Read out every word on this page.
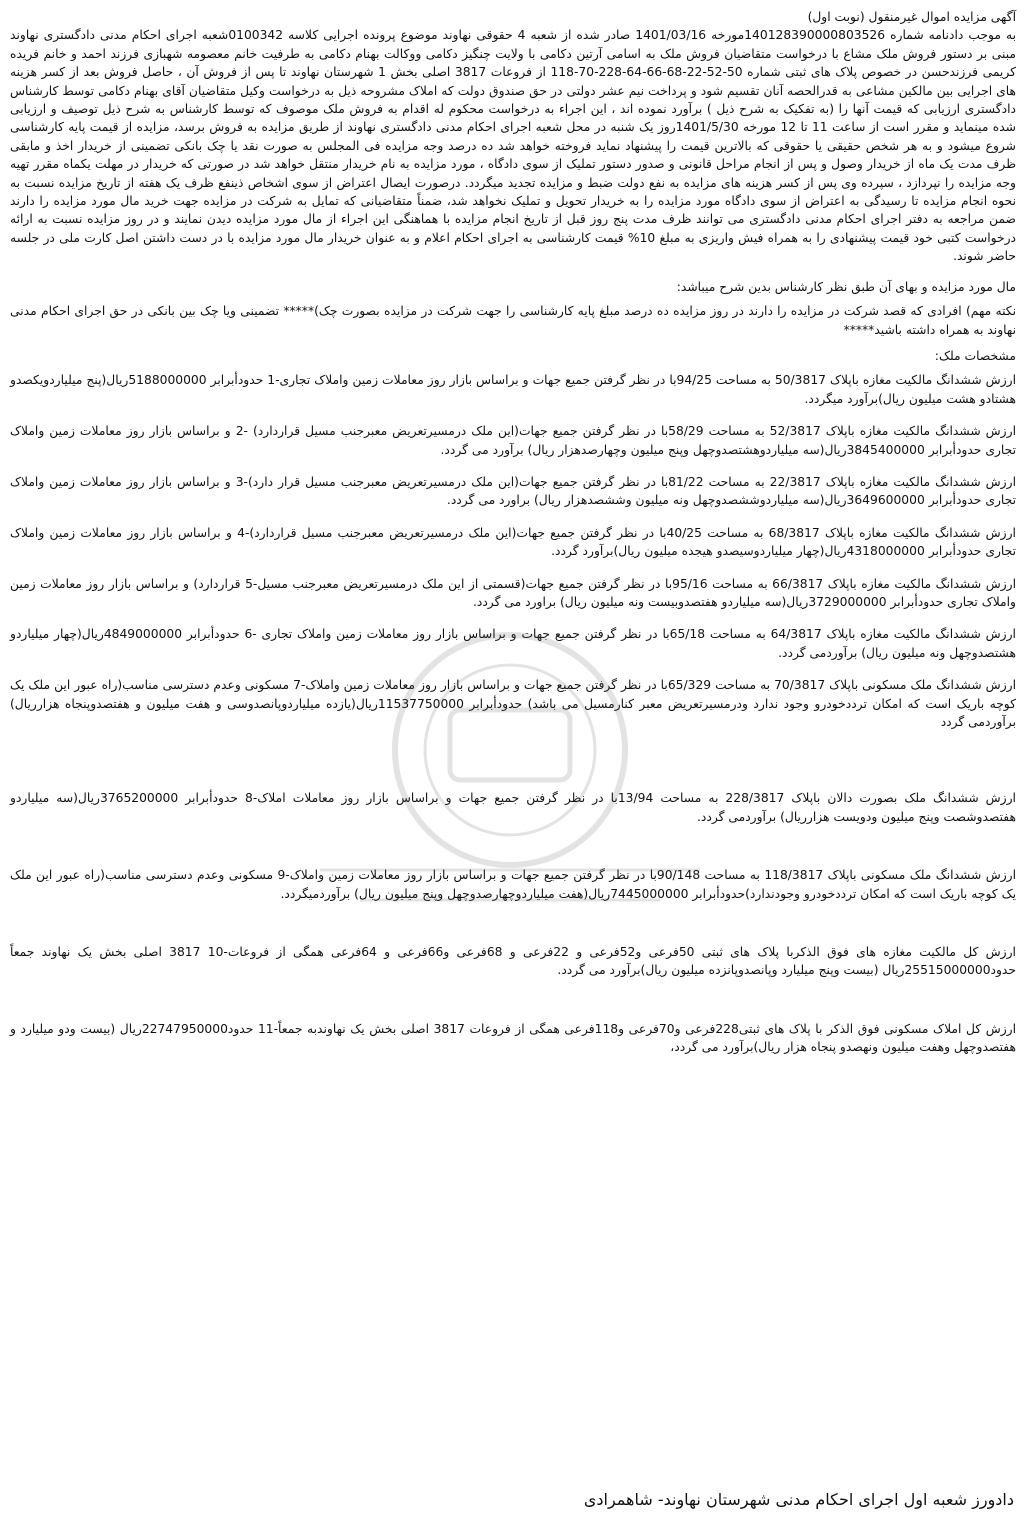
آگهی مزایده اموال غیرمنقول (نوبت اول)

به موجب دادنامه شماره 140128390000803526مورخه 1401/03/16 صادر شده از شعبه 4 حقوقی نهاوند موضوع پرونده اجرایی کلاسه 0100342شعبه اجرای احکام مدنی دادگستری نهاوند مبنی بر دستور فروش ملک مشاع با درخواست متقاضیان فروش ملک به اسامی آرتین دکامی با ولایت چنگیز دکامی ووکالت بهنام دکامی به طرفیت خانم معصومه شهبازی فرزند احمد و خانم فریده کریمی فرزندحسن در خصوص پلاک های ثبتی شماره 50-52-22-68-66-64-228-70-118 از فروعات 3817 اصلی بخش 1 شهرستان نهاوند تا پس از فروش آن ، حاصل فروش بعد از کسر هزینه های اجرایی بین مالکین مشاعی به قدرالحصه آنان تقسیم شود و پرداخت نیم عشر دولتی در حق صندوق دولت که املاک مشروحه ذیل به درخواست وکیل متقاضیان آقای بهنام دکامی توسط کارشناس دادگستری ارزیابی که قیمت آنها را (به تفکیک به شرح ذیل ) برآورد نموده اند ، این اجراء به درخواست محکوم له اقدام به فروش ملک موصوف که توسط کارشناس به شرح ذیل توصیف و ارزیابی شده مینماید و مقرر است از ساعت 11 تا 12 مورخه 1401/5/30روز یک شنبه در محل شعبه اجرای احکام مدنی دادگستری نهاوند از طریق مزایده به فروش برسد، مزایده از قیمت پایه کارشناسی شروع میشود و به هر شخص حقیقی یا حقوقی که بالاترین قیمت را پیشنهاد نماید فروخته خواهد شد ده درصد وجه مزایده فی المجلس به صورت نقد یا چک بانکی تضمینی از خریدار اخذ و مابقی ظرف مدت یک ماه از خریدار وصول و پس از انجام مراحل قانونی و صدور دستور تملیک از سوی دادگاه ، مورد مزایده به نام خریدار منتقل خواهد شد در صورتی که خریدار در مهلت یکماه مقرر تهیه وجه مزایده را نپردازد ، سپرده وی پس از کسر هزینه های مزایده به نفع دولت ضبط و مزایده تجدید میگردد. درصورت ایصال اعتراض از سوی اشخاص ذینفع ظرف یک هفته از تاریخ مزایده نسبت به نحوه انجام مزایده تا رسیدگی به اعتراض از سوی دادگاه مورد مزایده را به خریدار تحویل و تملیک نخواهد شد، ضمناً متقاضیانی که تمایل به شرکت در مزایده جهت خرید مال مورد مزایده را دارند ضمن مراجعه به دفتر اجرای احکام مدنی دادگستری می توانند ظرف مدت پنج روز قبل از تاریخ انجام مزایده با هماهنگی این اجراء از مال مورد مزایده دیدن نمایند و در روز مزایده نسبت به ارائه درخواست کتبی خود قیمت پیشنهادی را به همراه فیش واریزی به مبلغ 10% قیمت کارشناسی به اجرای احکام اعلام و به عنوان خریدار مال مورد مزایده با در دست داشتن اصل کارت ملی در جلسه حاضر شوند.

مال مورد مزایده و بهای آن طبق نظر کارشناس بدین شرح میباشد:

نکته مهم) افرادی که قصد شرکت در مزایده را دارند در روز مزایده ده درصد مبلغ پایه کارشناسی را جهت شرکت در مزایده بصورت چک)***** تضمینی ویا چک بین بانکی در حق اجرای احکام مدنی نهاوند به همراه داشته باشید*****

مشخصات ملک:

ارزش ششدانگ مالکیت مغازه باپلاک 50/3817 به مساحت 94/25با در نظر گرفتن جمیع جهات و براساس بازار روز معاملات زمین واملاک تجاری-1 حدودأبرابر 5188000000ریال(پنج میلیاردویکصدو هشتادو هشت میلیون ریال)برآورد میگردد.

ارزش ششدانگ مالکیت مغازه باپلاک 52/3817 به مساحت 58/29با در نظر گرفتن جمیع جهات(این ملک درمسیرتعریض معبرجنب مسیل قراردارد) -2 و براساس بازار روز معاملات زمین واملاک تجاری حدودأبرابر 3845400000ریال(سه میلیاردوهشتصدوچهل وپنج میلیون وچهارصدهزار ریال) برآورد می گردد.

ارزش ششدانگ مالکیت مغازه باپلاک 22/3817 به مساحت 81/22با در نظر گرفتن جمیع جهات(این ملک درمسیرتعریض معبرجنب مسیل قرار دارد)-3 و براساس بازار روز معاملات زمین واملاک تجاری حدودأبرابر 3649600000ریال(سه میلیاردوششصدوچهل ونه میلیون وششصدهزار ریال) براورد می گردد.

ارزش ششدانگ مالکیت مغازه باپلاک 68/3817 به مساحت 40/25با در نظر گرفتن جمیع جهات(این ملک درمسیرتعریض معبرجنب مسیل قراردارد)-4 و براساس بازار روز معاملات زمین واملاک تجاری حدودأبرابر 4318000000ریال(چهار میلیاردوسیصدو هیجده میلیون ریال)برآورد گردد.

ارزش ششدانگ مالکیت مغازه باپلاک 66/3817 به مساحت 95/16با در نظر گرفتن جمیع جهات(قسمتی از این ملک درمسیرتعریض معبرجنب مسیل-5 قراردارد) و براساس بازار روز معاملات زمین واملاک تجاری حدودأبرابر 3729000000ریال(سه میلیاردو هفتصدوبیست ونه میلیون ریال) براورد می گردد.

ارزش ششدانگ مالکیت مغازه باپلاک 64/3817 به مساحت 65/18با در نظر گرفتن جمیع جهات و براساس بازار روز معاملات زمین واملاک تجاری -6 حدودأبرابر 4849000000ریال(چهار میلیاردو هشتصدوچهل ونه میلیون ریال) برآوردمی گردد.

ارزش ششدانگ ملک مسکونی باپلاک 70/3817 به مساحت 65/329با در نظر گرفتن جمیع جهات و براساس بازار روز معاملات زمین واملاک-7 مسکونی وعدم دسترسی مناسب(راه عبور این ملک یک کوچه باریک است که امکان ترددخودرو وجود ندارد ودرمسیرتعریض معبر کنارمسیل می باشد) حدودأبرابر 11537750000ریال(یازده میلیاردوپانصدوسی و هفت میلیون و هفتصدوپنجاه هزارریال) برآوردمی گردد

ارزش ششدانگ ملک بصورت دالان باپلاک 228/3817 به مساحت 13/94با در نظر گرفتن جمیع جهات و براساس بازار روز معاملات املاک-8 حدودأبرابر 3765200000ریال(سه میلیاردو هفتصدوشصت وپنج میلیون ودویست هزارریال) برآوردمی گردد.

ارزش ششدانگ ملک مسکونی باپلاک 118/3817 به مساحت 90/148با در نظر گرفتن جمیع جهات و براساس بازار روز معاملات زمین واملاک-9 مسکونی وعدم دسترسی مناسب(راه عبور این ملک یک کوچه باریک است که امکان ترددخودرو وجودندارد)حدودأبرابر 7445000000ریال(هفت میلیاردوچهارصدوچهل وپنج میلیون ریال) برآوردمیگردد.

ارزش کل مالکیت مغازه های فوق الذکربا پلاک های ثبتی 50فرعی و52فرعی و 22فرعی و 68فرعی و66فرعی و 64فرعی همگی از فروعات-10 3817 اصلی بخش یک نهاوند جمعاً حدود25515000000ریال (بیست وپنج میلیارد وپانصدوپانزده میلیون ریال)برآورد می گردد.

ارزش کل املاک مسکونی فوق الذکر با پلاک های ثبتی228فرعی و70فرعی و118فرعی همگی از فروعات 3817 اصلی بخش یک نهاوندبه جمعاً-11 حدود22747950000ریال (بیست ودو میلیارد و هفتصدوچهل وهفت میلیون ونهصدو پنجاه هزار ریال)برآورد می گردد،

دادورز شعبه اول اجرای احکام مدنی شهرستان نهاوند- شاهمرادی
